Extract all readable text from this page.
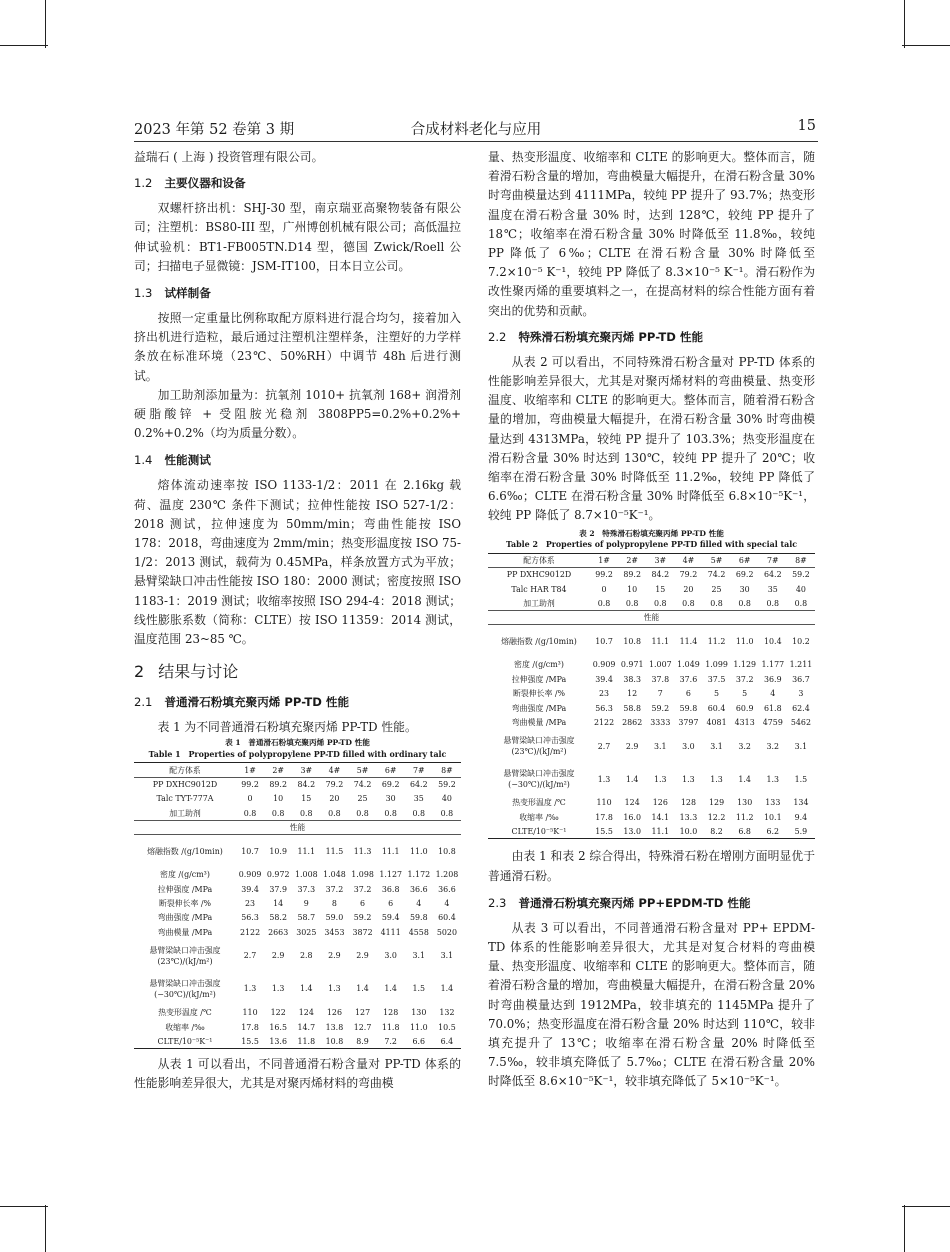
2023 年第 52 卷第 3 期	合成材料老化与应用	15

益瑞石 ( 上海 ) 投资管理有限公司。

1.2 主要仪器和设备

双螺杆挤出机：SHJ-30 型，南京瑞亚高聚物装备有限公司；注塑机：BS80-III 型，广州博创机械有限公司；高低温拉伸试验机：BT1-FB005TN.D14 型，德国 Zwick/Roell 公司；扫描电子显微镜：JSM-IT100，日本日立公司。

1.3 试样制备

按照一定重量比例称取配方原料进行混合均匀，接着加入挤出机进行造粒，最后通过注塑机注塑样条，注塑好的力学样条放在标准环境（23℃、50%RH）中调节 48h 后进行测试。

加工助剂添加量为：抗氧剂 1010+ 抗氧剂 168+ 润滑剂硬脂酸锌 + 受阻胺光稳剂 3808PP5=0.2%+0.2%+ 0.2%+0.2%（均为质量分数）。

1.4 性能测试

熔体流动速率按 ISO 1133-1/2：2011 在 2.16kg 载荷、温度 230℃ 条件下测试；拉伸性能按 ISO 527-1/2：2018 测试，拉伸速度为 50mm/min；弯曲性能按 ISO 178：2018，弯曲速度为 2mm/min；热变形温度按 ISO 75-1/2：2013 测试，载荷为 0.45MPa，样条放置方式为平放；悬臂梁缺口冲击性能按 ISO 180：2000 测试；密度按照 ISO 1183-1：2019 测试；收缩率按照 ISO 294-4：2018 测试；线性膨胀系数（简称：CLTE）按 ISO 11359：2014 测试，温度范围 23~85 ℃。

2 结果与讨论
2.1 普通滑石粉填充聚丙烯 PP-TD 性能

表 1 为不同普通滑石粉填充聚丙烯 PP-TD 性能。

表 1　普通滑石粉填充聚丙烯 PP-TD 性能
Table 1　Properties of polypropylene PP-TD filled with ordinary talc
配方体系	1#	2#	3#	4#	5#	6#	7#	8#
PP DXHC9012D	99.2	89.2	84.2	79.2	74.2	69.2	64.2	59.2
Talc TYT-777A	0	10	15	20	25	30	35	40
加工助剂	0.8	0.8	0.8	0.8	0.8	0.8	0.8	0.8
性能								
熔融指数 /(g/10min)	10.7	10.9	11.1	11.5	11.3	11.1	11.0	10.8
密度 /(g/cm³)	0.909	0.972	1.008	1.048	1.098	1.127	1.172	1.208
拉伸强度 /MPa	39.4	37.9	37.3	37.2	37.2	36.8	36.6	36.6
断裂伸长率 /%	23	14	9	8	6	6	4	4
弯曲强度 /MPa	56.3	58.2	58.7	59.0	59.2	59.4	59.8	60.4
弯曲模量 /MPa	2122	2663	3025	3453	3872	4111	4558	5020
悬臂梁缺口冲击强度 (23℃)/(kJ/m²)	2.7	2.9	2.8	2.9	2.9	3.0	3.1	3.1
悬臂梁缺口冲击强度 (−30℃)/(kJ/m²)	1.3	1.3	1.4	1.3	1.4	1.4	1.5	1.4
热变形温度 /℃	110	122	124	126	127	128	130	132
收缩率 /‰	17.8	16.5	14.7	13.8	12.7	11.8	11.0	10.5
CLTE/10⁻⁵K⁻¹	15.5	13.6	11.8	10.8	8.9	7.2	6.6	6.4

从表 1 可以看出，不同普通滑石粉含量对 PP-TD 体系的性能影响差异很大，尤其是对聚丙烯材料的弯曲模

量、热变形温度、收缩率和 CLTE 的影响更大。整体而言，随着滑石粉含量的增加，弯曲模量大幅提升，在滑石粉含量 30% 时弯曲模量达到 4111MPa，较纯 PP 提升了 93.7%；热变形温度在滑石粉含量 30% 时，达到 128℃，较纯 PP 提升了 18℃；收缩率在滑石粉含量 30% 时降低至 11.8‰，较纯 PP 降低了 6‰；CLTE 在滑石粉含量 30% 时降低至 7.2×10⁻⁵ K⁻¹，较纯 PP 降低了 8.3×10⁻⁵ K⁻¹。滑石粉作为改性聚丙烯的重要填料之一，在提高材料的综合性能方面有着突出的优势和贡献。

2.2 特殊滑石粉填充聚丙烯 PP-TD 性能

从表 2 可以看出，不同特殊滑石粉含量对 PP-TD 体系的性能影响差异很大，尤其是对聚丙烯材料的弯曲模量、热变形温度、收缩率和 CLTE 的影响更大。整体而言，随着滑石粉含量的增加，弯曲模量大幅提升，在滑石粉含量 30% 时弯曲模量达到 4313MPa，较纯 PP 提升了 103.3%；热变形温度在滑石粉含量 30% 时达到 130℃，较纯 PP 提升了 20℃；收缩率在滑石粉含量 30% 时降低至 11.2‰，较纯 PP 降低了 6.6‰；CLTE 在滑石粉含量 30% 时降低至 6.8×10⁻⁵K⁻¹，较纯 PP 降低了 8.7×10⁻⁵K⁻¹。

表 2　特殊滑石粉填充聚丙烯 PP-TD 性能
Table 2　Properties of polypropylene PP-TD filled with special talc
配方体系	1#	2#	3#	4#	5#	6#	7#	8#
PP DXHC9012D	99.2	89.2	84.2	79.2	74.2	69.2	64.2	59.2
Talc HAR T84	0	10	15	20	25	30	35	40
加工助剂	0.8	0.8	0.8	0.8	0.8	0.8	0.8	0.8
性能								
熔融指数 /(g/10min)	10.7	10.8	11.1	11.4	11.2	11.0	10.4	10.2
密度 /(g/cm³)	0.909	0.971	1.007	1.049	1.099	1.129	1.177	1.211
拉伸强度 /MPa	39.4	38.3	37.8	37.6	37.5	37.2	36.9	36.7
断裂伸长率 /%	23	12	7	6	5	5	4	3
弯曲强度 /MPa	56.3	58.8	59.2	59.8	60.4	60.9	61.8	62.4
弯曲模量 /MPa	2122	2862	3333	3797	4081	4313	4759	5462
悬臂梁缺口冲击强度 (23℃)/(kJ/m²)	2.7	2.9	3.1	3.0	3.1	3.2	3.2	3.1
悬臂梁缺口冲击强度 (−30℃)/(kJ/m²)	1.3	1.4	1.3	1.3	1.3	1.4	1.3	1.5
热变形温度 /℃	110	124	126	128	129	130	133	134
收缩率 /‰	17.8	16.0	14.1	13.3	12.2	11.2	10.1	9.4
CLTE/10⁻⁵K⁻¹	15.5	13.0	11.1	10.0	8.2	6.8	6.2	5.9

由表 1 和表 2 综合得出，特殊滑石粉在增刚方面明显优于普通滑石粉。

2.3 普通滑石粉填充聚丙烯 PP+EPDM-TD 性能

从表 3 可以看出，不同普通滑石粉含量对 PP+ EPDM-TD 体系的性能影响差异很大，尤其是对复合材料的弯曲模量、热变形温度、收缩率和 CLTE 的影响更大。整体而言，随着滑石粉含量的增加，弯曲模量大幅提升，在滑石粉含量 20% 时弯曲模量达到 1912MPa，较非填充的 1145MPa 提升了 70.0%；热变形温度在滑石粉含量 20% 时达到 110℃，较非填充提升了 13℃；收缩率在滑石粉含量 20% 时降低至 7.5‰，较非填充降低了 5.7‰；CLTE 在滑石粉含量 20% 时降低至 8.6×10⁻⁵K⁻¹，较非填充降低了 5×10⁻⁵K⁻¹。
